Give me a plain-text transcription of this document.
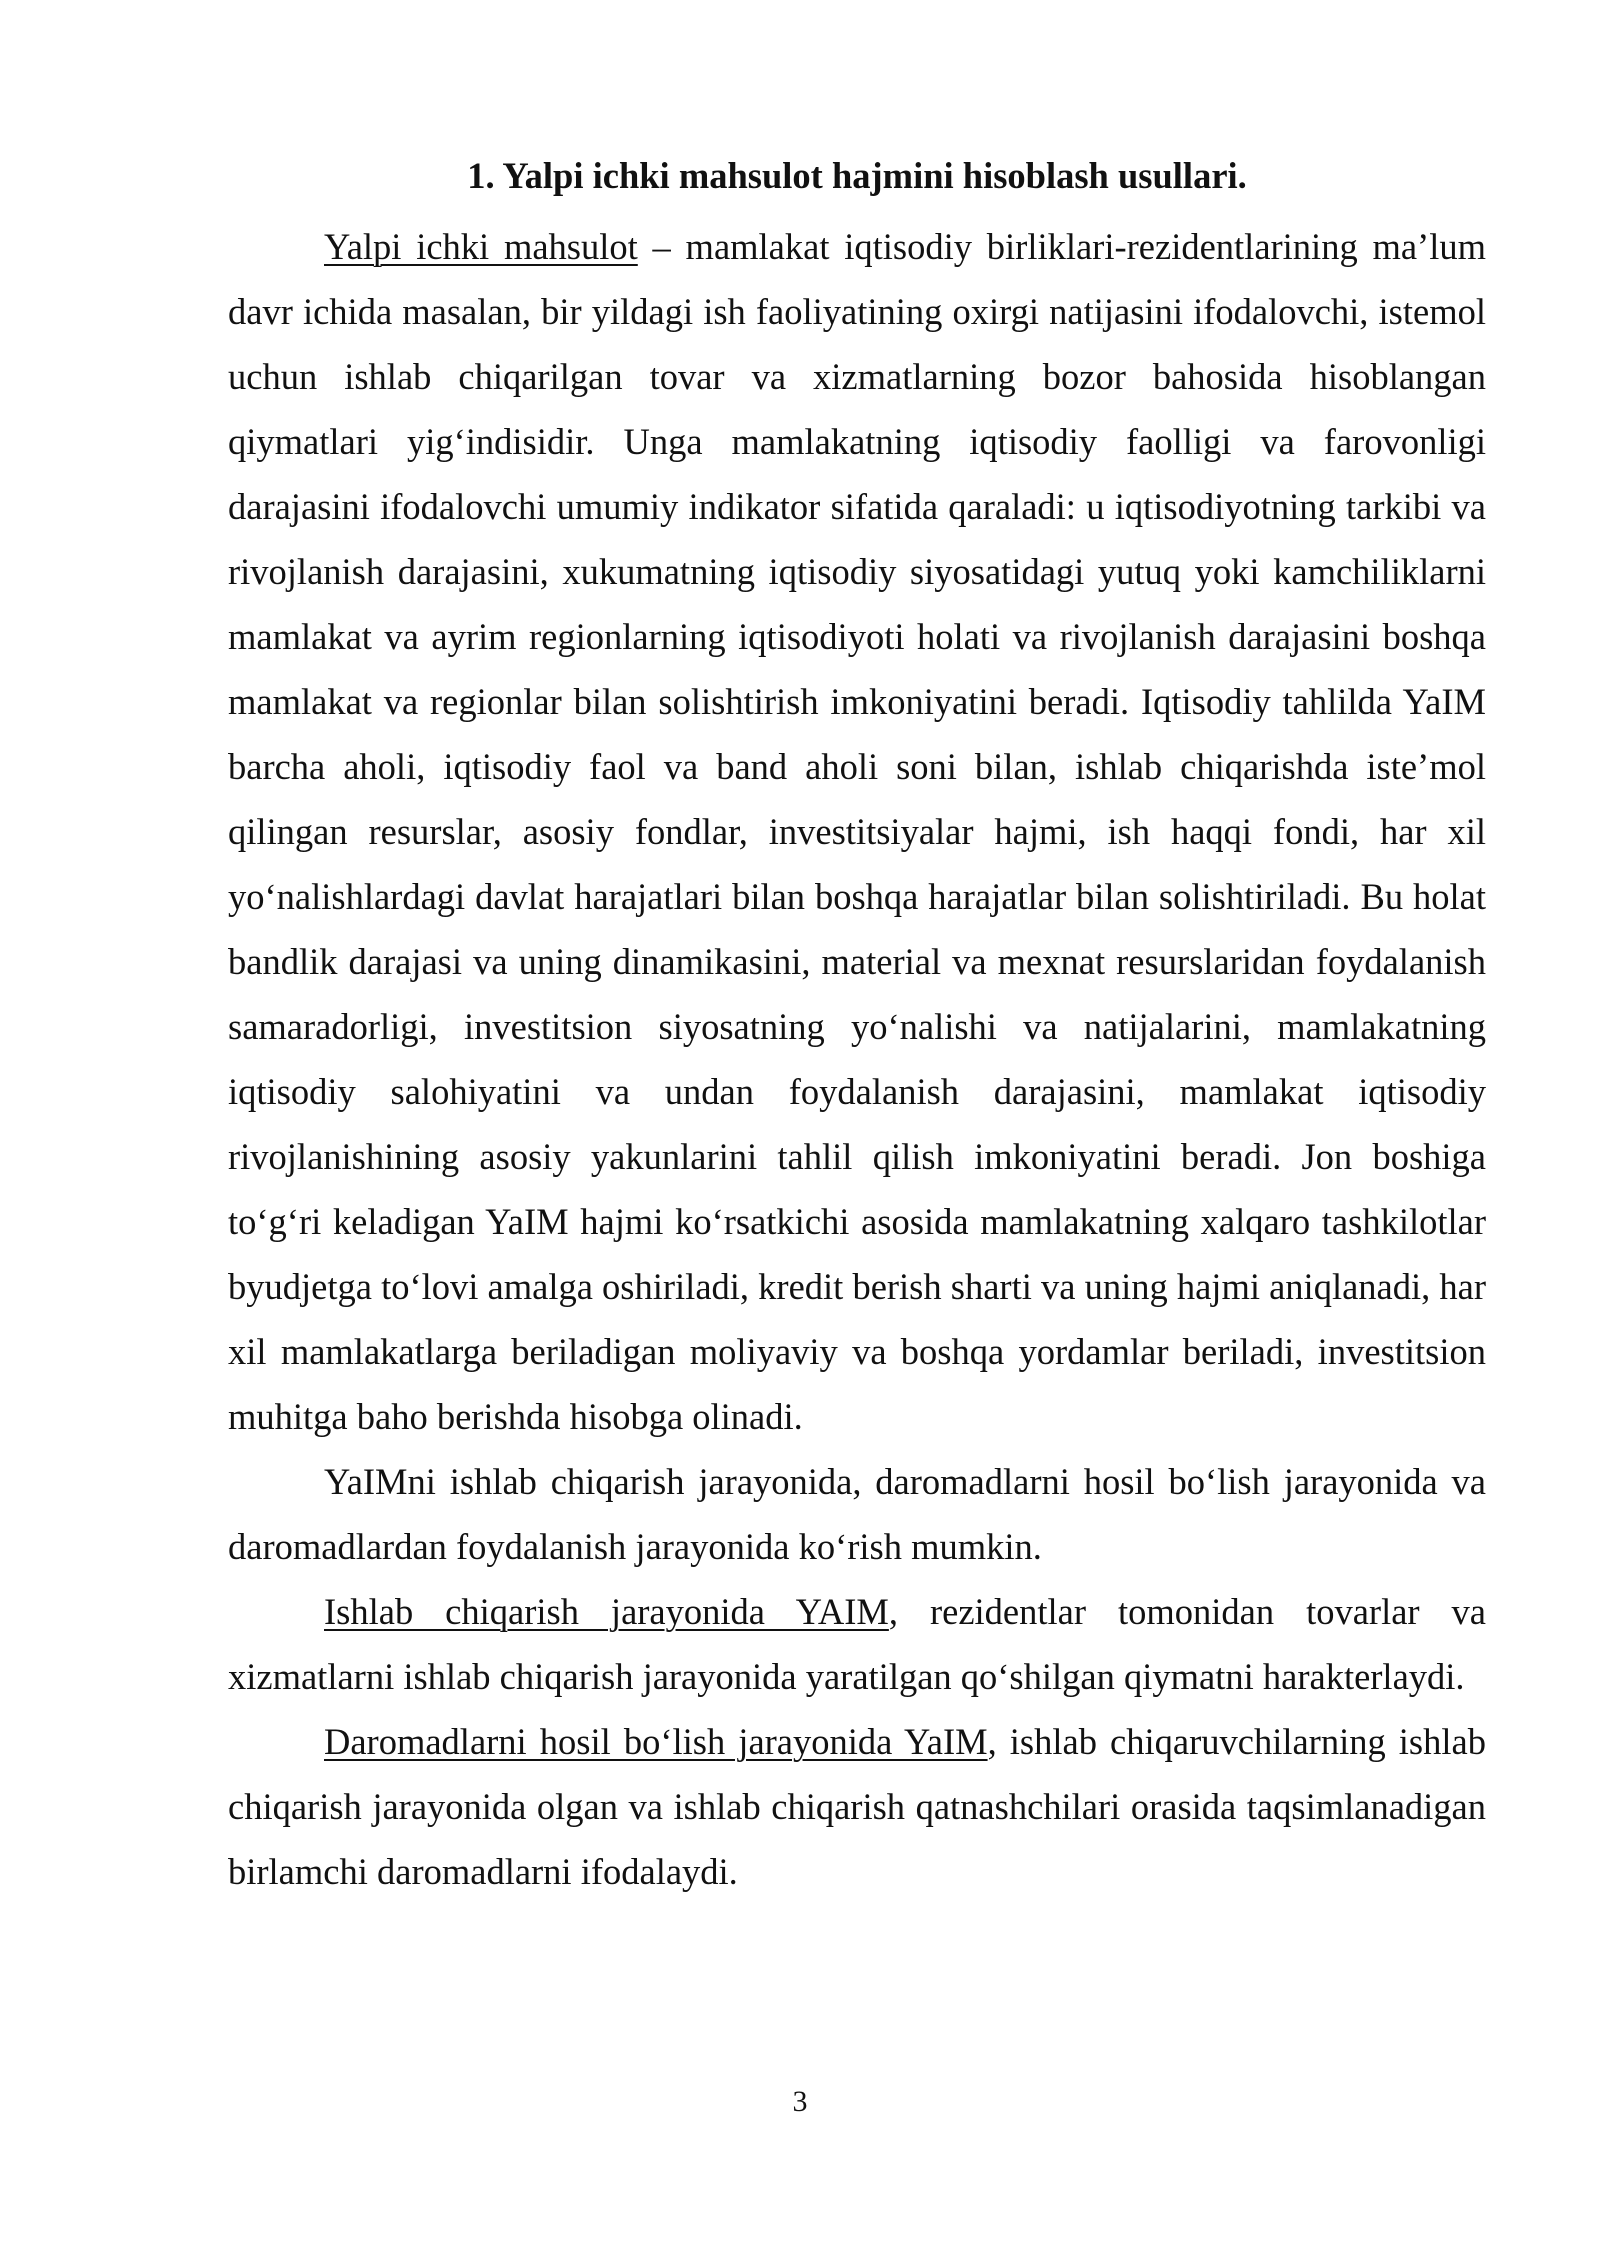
1. Yalpi ichki mahsulot hajmini hisoblash usullari.

Yalpi ichki mahsulot – mamlakat iqtisodiy birliklari-rezidentlarining ma’lum davr ichida masalan, bir yildagi ish faoliyatining oxirgi natijasini ifodalovchi, istemol uchun ishlab chiqarilgan tovar va xizmatlarning bozor bahosida hisoblangan qiymatlari yig‘indisidir. Unga mamlakatning iqtisodiy faolligi va farovonligi darajasini ifodalovchi umumiy indikator sifatida qaraladi: u iqtisodiyotning tarkibi va rivojlanish darajasini, xukumatning iqtisodiy siyosatidagi yutuq yoki kamchiliklarni mamlakat va ayrim regionlarning iqtisodiyoti holati va rivojlanish darajasini boshqa mamlakat va regionlar bilan solishtirish imkoniyatini beradi. Iqtisodiy tahlilda YaIM barcha aholi, iqtisodiy faol va band aholi soni bilan, ishlab chiqarishda iste’mol qilingan resurslar, asosiy fondlar, investitsiyalar hajmi, ish haqqi fondi, har xil yo‘nalishlardagi davlat harajatlari bilan boshqa harajatlar bilan solishtiriladi. Bu holat bandlik darajasi va uning dinamikasini, material va mexnat resurslaridan foydalanish samaradorligi, investitsion siyosatning yo‘nalishi va natijalarini, mamlakatning iqtisodiy salohiyatini va undan foydalanish darajasini, mamlakat iqtisodiy rivojlanishining asosiy yakunlarini tahlil qilish imkoniyatini beradi. Jon boshiga to‘g‘ri keladigan YaIM hajmi ko‘rsatkichi asosida mamlakatning xalqaro tashkilotlar byudjetga to‘lovi amalga oshiriladi, kredit berish sharti va uning hajmi aniqlanadi, har xil mamlakatlarga beriladigan moliyaviy va boshqa yordamlar beriladi, investitsion muhitga baho berishda hisobga olinadi.

YaIMni ishlab chiqarish jarayonida, daromadlarni hosil bo‘lish jarayonida va daromadlardan foydalanish jarayonida ko‘rish mumkin.

Ishlab chiqarish jarayonida YAIM, rezidentlar tomonidan tovarlar va xizmatlarni ishlab chiqarish jarayonida yaratilgan qo‘shilgan qiymatni harakterlaydi.

Daromadlarni hosil bo‘lish jarayonida YaIM, ishlab chiqaruvchilarning ishlab chiqarish jarayonida olgan va ishlab chiqarish qatnashchilari orasida taqsimlanadigan birlamchi daromadlarni ifodalaydi.

3
